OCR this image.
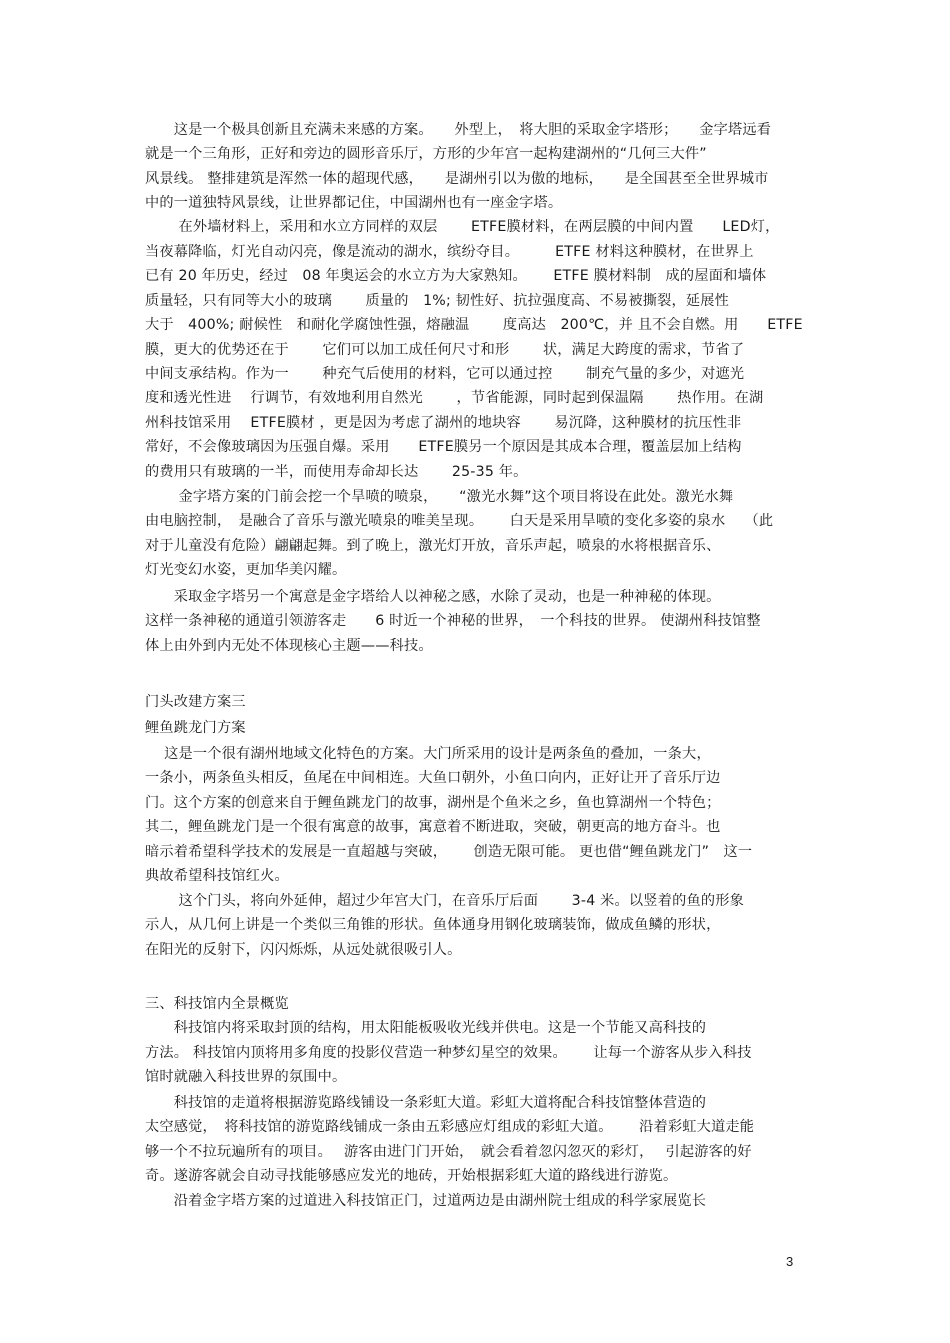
　　这是一个极具创新且充满未来感的方案。　　外型上，　将大胆的采取金字塔形；　　金字塔远看
就是一个三角形，正好和旁边的圆形音乐厅，方形的少年宫一起构建湖州的“几何三大件”
风景线。 整排建筑是浑然一体的超现代感，　　是湖州引以为傲的地标，　　是全国甚至全世界城市
中的一道独特风景线，让世界都记住，中国湖州也有一座金字塔。
　　 在外墙材料上，采用和水立方同样的双层　　 ETFE膜材料，在两层膜的中间内置　　LED灯，
当夜幕降临，灯光自动闪亮，像是流动的湖水，缤纷夺目。　　　ETFE 材料这种膜材，在世界上
已有 20 年历史，经过　08 年奥运会的水立方为大家熟知。　　 ETFE 膜材料制　成的屋面和墙体
质量轻，只有同等大小的玻璃　　 质量的　1%; 韧性好、抗拉强度高、不易被撕裂，延展性
大于　400%; 耐候性　和耐化学腐蚀性强，熔融温　　 度高达　200℃，并 且不会自燃。用　　ETFE
膜，更大的优势还在于　　 它们可以加工成任何尺寸和形　　 状，满足大跨度的需求，节省了
中间支承结构。作为一　　 种充气后使用的材料，它可以通过控　　 制充气量的多少，对遮光
度和透光性进　 行调节，有效地利用自然光　　 ，节省能源，同时起到保温隔　　 热作用。在湖
州科技馆采用　 ETFE膜材 ，更是因为考虑了湖州的地块容　　 易沉降，这种膜材的抗压性非
常好，不会像玻璃因为压强自爆。采用　　ETFE膜另一个原因是其成本合理，覆盖层加上结构
的费用只有玻璃的一半，而使用寿命却长达　　 25-35 年。
　　 金字塔方案的门前会挖一个旱喷的喷泉，　　“激光水舞”这个项目将设在此处。激光水舞
由电脑控制，　是融合了音乐与激光喷泉的唯美呈现。　　 白天是采用旱喷的变化多姿的泉水　 （此
对于儿童没有危险）翩翩起舞。到了晚上，激光灯开放，音乐声起，喷泉的水将根据音乐、
灯光变幻水姿，更加华美闪耀。
　　采取金字塔另一个寓意是金字塔给人以神秘之感，水除了灵动，也是一种神秘的体现。
这样一条神秘的通道引领游客走　　6 时近一个神秘的世界，　一个科技的世界。 使湖州科技馆整
体上由外到内无处不体现核心主题——科技。
门头改建方案三
鲤鱼跳龙门方案
　 这是一个很有湖州地域文化特色的方案。大门所采用的设计是两条鱼的叠加，一条大，
一条小，两条鱼头相反，鱼尾在中间相连。大鱼口朝外，小鱼口向内，正好让开了音乐厅边
门。这个方案的创意来自于鲤鱼跳龙门的故事，湖州是个鱼米之乡，鱼也算湖州一个特色；
其二，鲤鱼跳龙门是一个很有寓意的故事，寓意着不断进取，突破，朝更高的地方奋斗。也
暗示着希望科学技术的发展是一直超越与突破，　　 创造无限可能。 更也借“鲤鱼跳龙门”　这一
典故希望科技馆红火。
　　 这个门头，将向外延伸，超过少年宫大门，在音乐厅后面　　 3-4 米。以竖着的鱼的形象
示人，从几何上讲是一个类似三角锥的形状。鱼体通身用钢化玻璃装饰，做成鱼鳞的形状，
在阳光的反射下，闪闪烁烁，从远处就很吸引人。
三、科技馆内全景概览
　　科技馆内将采取封顶的结构，用太阳能板吸收光线并供电。这是一个节能又高科技的
方法。 科技馆内顶将用多角度的投影仪营造一种梦幻星空的效果。　　 让每一个游客从步入科技
馆时就融入科技世界的氛围中。
　　科技馆的走道将根据游览路线铺设一条彩虹大道。彩虹大道将配合科技馆整体营造的
太空感觉，　将科技馆的游览路线铺成一条由五彩感应灯组成的彩虹大道。　　 沿着彩虹大道走能
够一个不拉玩遍所有的项目。　 游客由进门门开始，　就会看着忽闪忽灭的彩灯，　 引起游客的好
奇。遂游客就会自动寻找能够感应发光的地砖，开始根据彩虹大道的路线进行游览。
　　沿着金字塔方案的过道进入科技馆正门，过道两边是由湖州院士组成的科学家展览长
3
